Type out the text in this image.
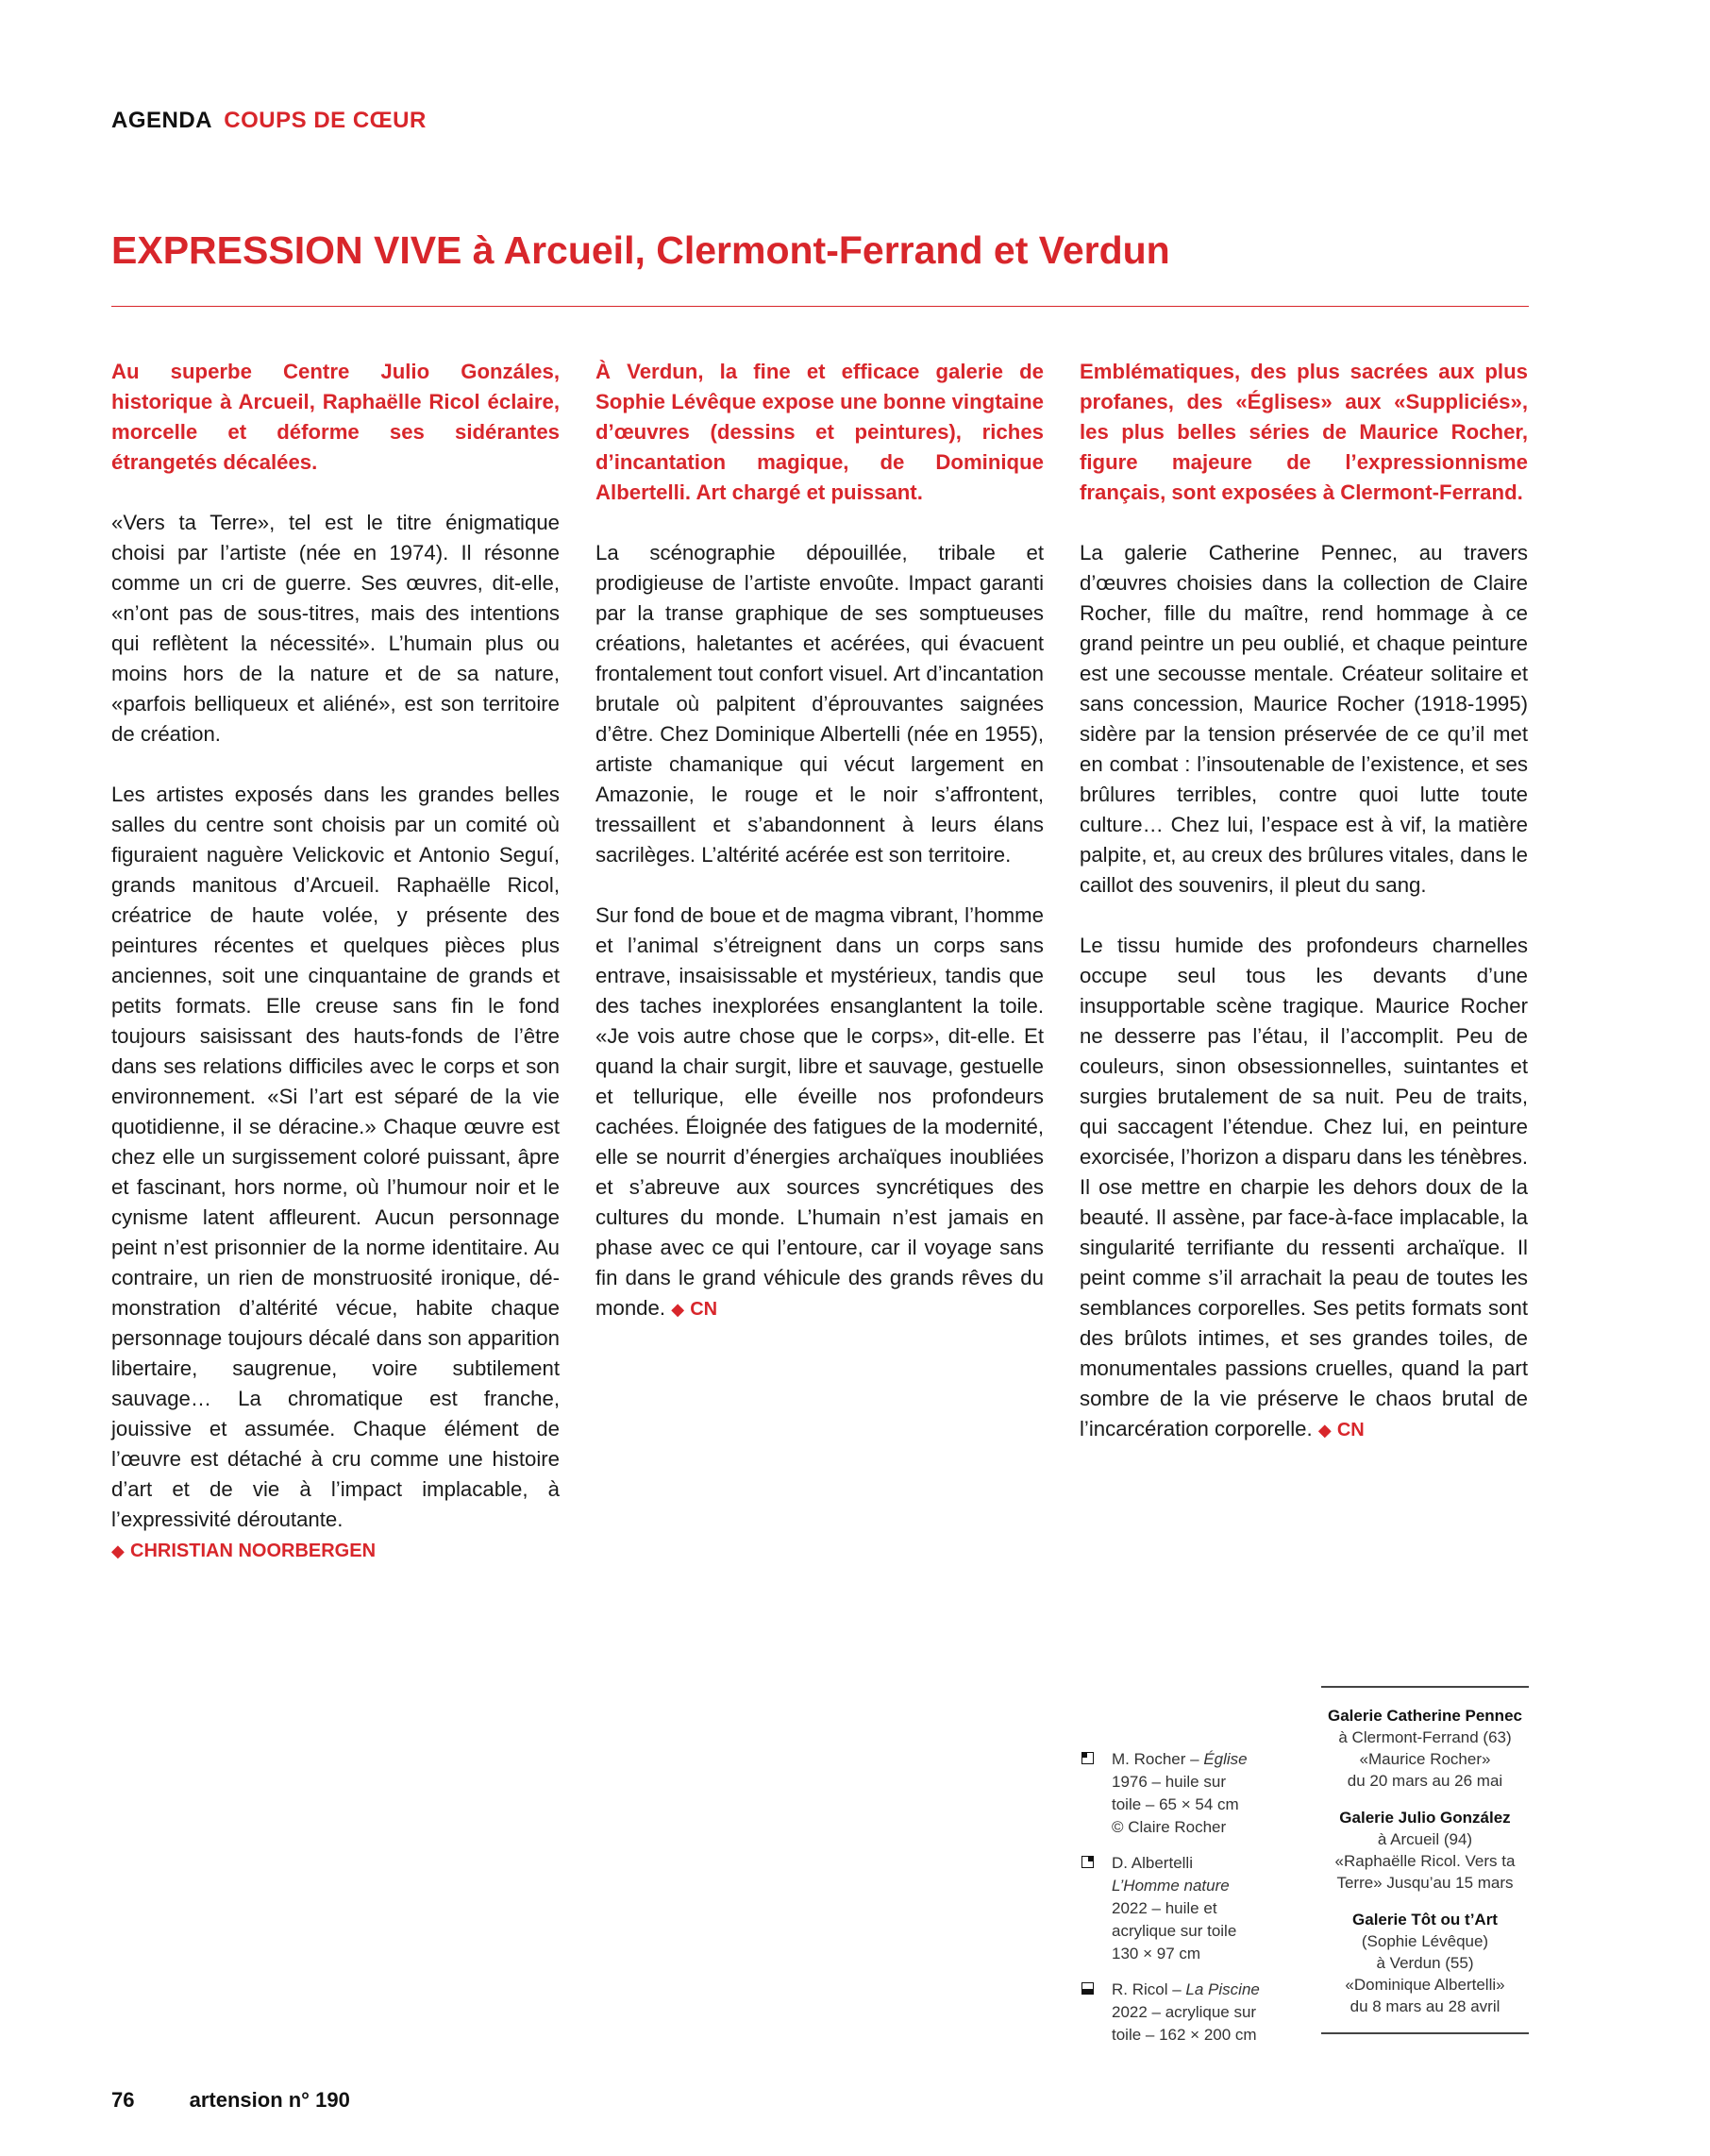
AGENDA COUPS DE CŒUR
EXPRESSION VIVE à Arcueil, Clermont-Ferrand et Verdun

Au superbe Centre Julio Gonzáles, historique à Arcueil, Raphaëlle Ricol éclaire, morcelle et déforme ses sidérantes étrangetés décalées.

«Vers ta Terre», tel est le titre énigmatique choisi par l’artiste (née en 1974). Il résonne comme un cri de guerre. Ses œuvres, dit-elle, «n’ont pas de sous-titres, mais des intentions qui reflètent la nécessité». L’humain plus ou moins hors de la nature et de sa nature, «parfois belliqueux et aliéné», est son territoire de création.

Les artistes exposés dans les grandes belles salles du centre sont choisis par un comité où figuraient naguère Velickovic et Antonio Seguí, grands manitous d’Arcueil. Raphaëlle Ricol, créatrice de haute volée, y présente des peintures récentes et quelques pièces plus anciennes, soit une cinquantaine de grands et petits formats. Elle creuse sans fin le fond toujours saisissant des hauts-fonds de l’être dans ses relations difficiles avec le corps et son environnement. «Si l’art est séparé de la vie quotidienne, il se déracine.» Chaque œuvre est chez elle un surgissement coloré puissant, âpre et fascinant, hors norme, où l’humour noir et le cynisme latent affleurent. Aucun personnage peint n’est prisonnier de la norme identitaire. Au contraire, un rien de monstruosité ironique, dé-monstration d’altérité vécue, habite chaque personnage toujours décalé dans son apparition libertaire, saugrenue, voire subtilement sauvage… La chromatique est franche, jouissive et assumée. Chaque élément de l’œuvre est détaché à cru comme une histoire d’art et de vie à l’impact implacable, à l’expressivité déroutante.

◆ CHRISTIAN NOORBERGEN

À Verdun, la fine et efficace galerie de Sophie Lévêque expose une bonne vingtaine d’œuvres (dessins et peintures), riches d’incantation magique, de Dominique Albertelli. Art chargé et puissant.

La scénographie dépouillée, tribale et prodigieuse de l’artiste envoûte. Impact garanti par la transe graphique de ses somptueuses créations, haletantes et acérées, qui évacuent frontalement tout confort visuel. Art d’incantation brutale où palpitent d’éprouvantes saignées d’être. Chez Dominique Albertelli (née en 1955), artiste chamanique qui vécut largement en Amazonie, le rouge et le noir s’affrontent, tressaillent et s’abandonnent à leurs élans sacrilèges. L’altérité acérée est son territoire.

Sur fond de boue et de magma vibrant, l’homme et l’animal s’étreignent dans un corps sans entrave, insaisissable et mystérieux, tandis que des taches inexplorées ensanglantent la toile. «Je vois autre chose que le corps», dit-elle. Et quand la chair surgit, libre et sauvage, gestuelle et tellurique, elle éveille nos profondeurs cachées. Éloignée des fatigues de la modernité, elle se nourrit d’énergies archaïques inoubliées et s’abreuve aux sources syncrétiques des cultures du monde. L’humain n’est jamais en phase avec ce qui l’entoure, car il voyage sans fin dans le grand véhicule des grands rêves du monde. ◆ CN

Emblématiques, des plus sacrées aux plus profanes, des «Églises» aux «Suppliciés», les plus belles séries de Maurice Rocher, figure majeure de l’expressionnisme français, sont exposées à Clermont-Ferrand.

La galerie Catherine Pennec, au travers d’œuvres choisies dans la collection de Claire Rocher, fille du maître, rend hommage à ce grand peintre un peu oublié, et chaque peinture est une secousse mentale. Créateur solitaire et sans concession, Maurice Rocher (1918-1995) sidère par la tension préservée de ce qu’il met en combat : l’insoutenable de l’existence, et ses brûlures terribles, contre quoi lutte toute culture… Chez lui, l’espace est à vif, la matière palpite, et, au creux des brûlures vitales, dans le caillot des souvenirs, il pleut du sang.

Le tissu humide des profondeurs charnelles occupe seul tous les devants d’une insupportable scène tragique. Maurice Rocher ne desserre pas l’étau, il l’accomplit. Peu de couleurs, sinon obsessionnelles, suintantes et surgies brutalement de sa nuit. Peu de traits, qui saccagent l’étendue. Chez lui, en peinture exorcisée, l’horizon a disparu dans les ténèbres. Il ose mettre en charpie les dehors doux de la beauté. Il assène, par face-à-face implacable, la singularité terrifiante du ressenti archaïque. Il peint comme s’il arrachait la peau de toutes les semblances corporelles. Ses petits formats sont des brûlots intimes, et ses grandes toiles, de monumentales passions cruelles, quand la part sombre de la vie préserve le chaos brutal de l’incarcération corporelle. ◆ CN

M. Rocher – Église
1976 – huile sur
toile – 65 × 54 cm
© Claire Rocher
D. Albertelli
L’Homme nature
2022 – huile et
acrylique sur toile
130 × 97 cm
R. Ricol – La Piscine
2022 – acrylique sur
toile – 162 × 200 cm
Galerie Catherine Pennec
à Clermont-Ferrand (63)
«Maurice Rocher»
du 20 mars au 26 mai
Galerie Julio González
à Arcueil (94)
«Raphaëlle Ricol. Vers ta
Terre» Jusqu’au 15 mars
Galerie Tôt ou t’Art
(Sophie Lévêque)
à Verdun (55)
«Dominique Albertelli»
du 8 mars au 28 avril
76	artension n° 190
